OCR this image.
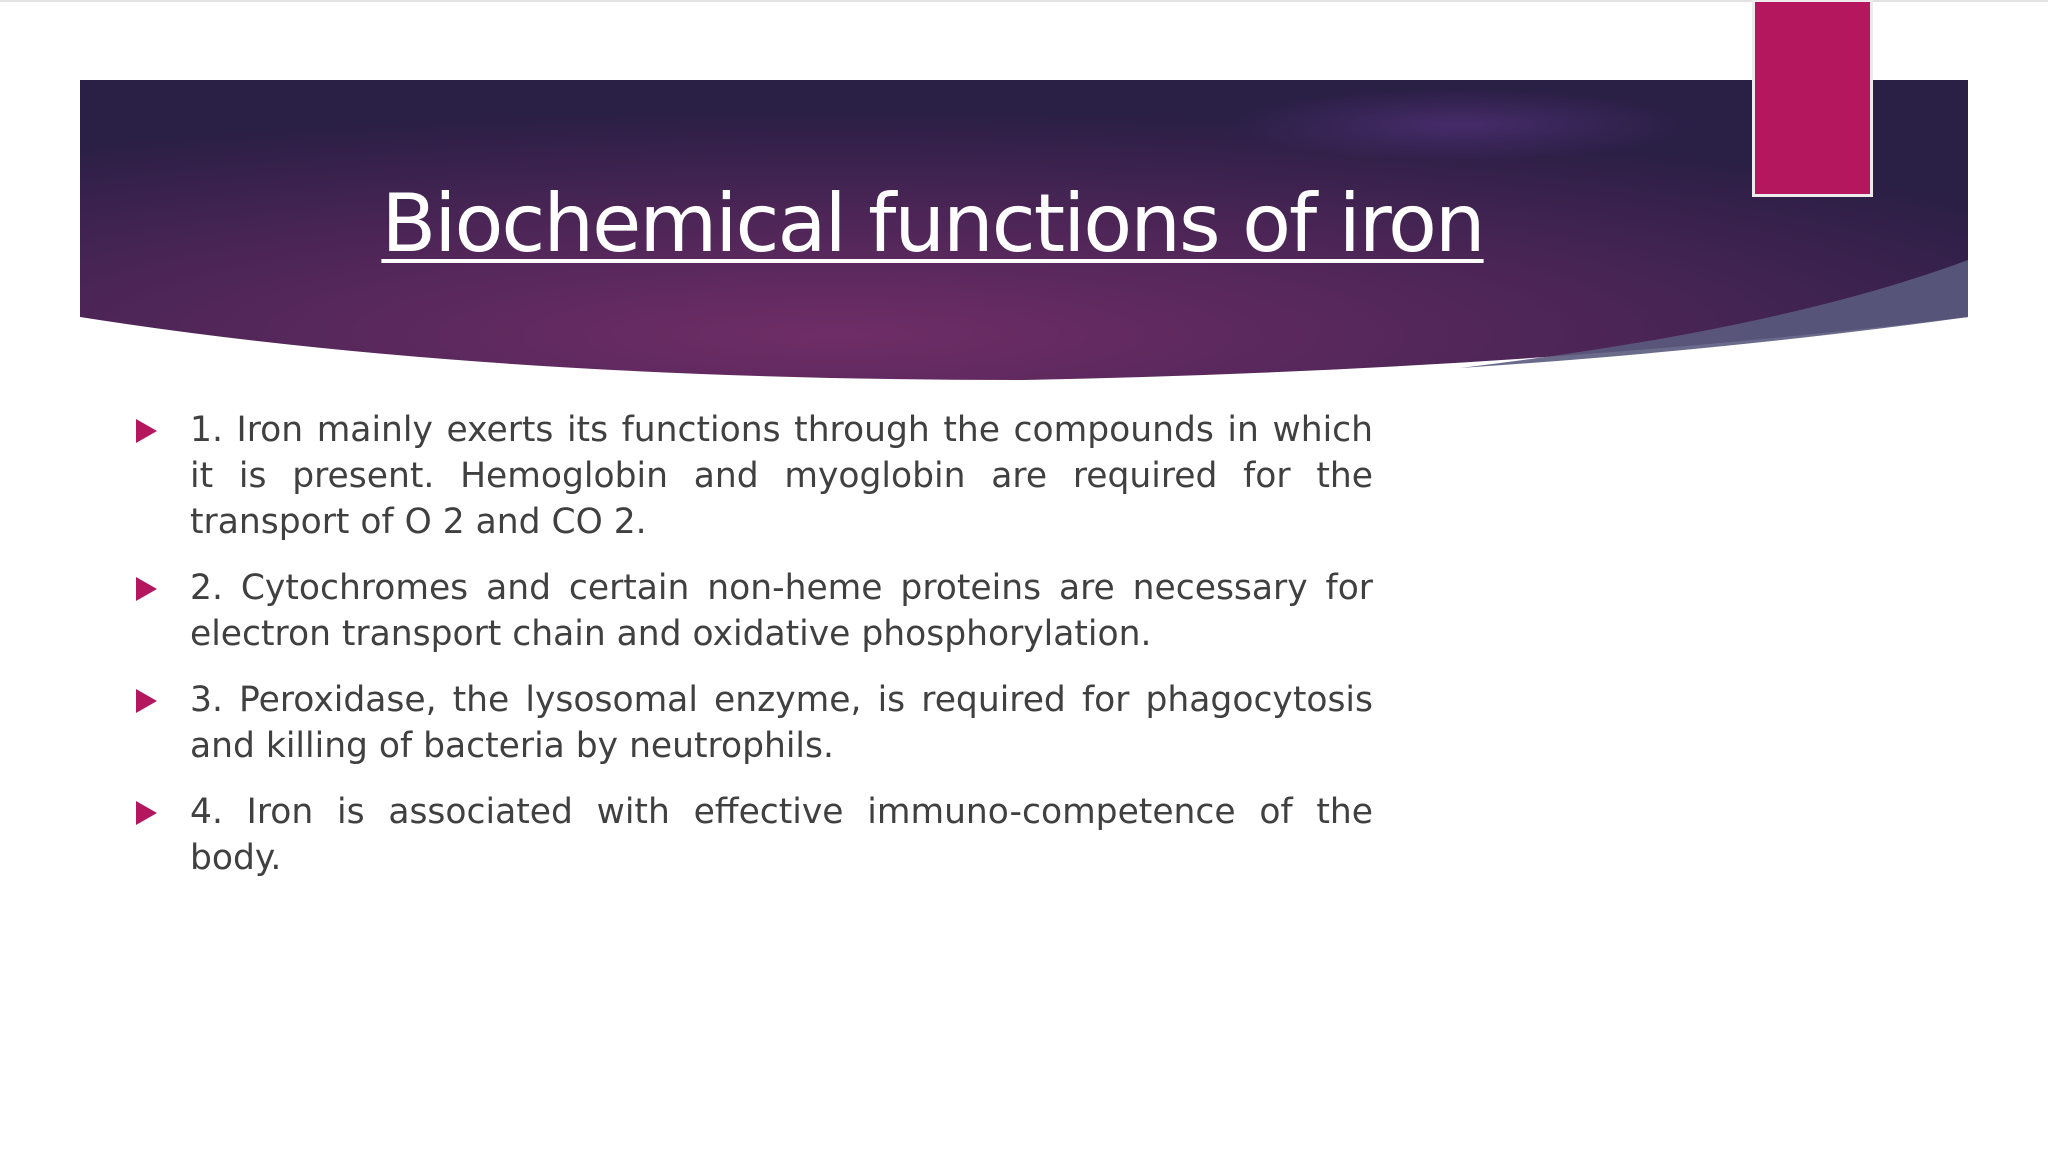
Biochemical functions of iron
1. Iron mainly exerts its functions through the compounds in which it is present. Hemoglobin and myoglobin are required for the transport of O 2 and CO 2.
2. Cytochromes and certain non-heme proteins are necessary for electron transport chain and oxidative phosphorylation.
3. Peroxidase, the lysosomal enzyme, is required for phagocytosis and killing of bacteria by neutrophils.
4. Iron is associated with effective immuno-competence of the body.
